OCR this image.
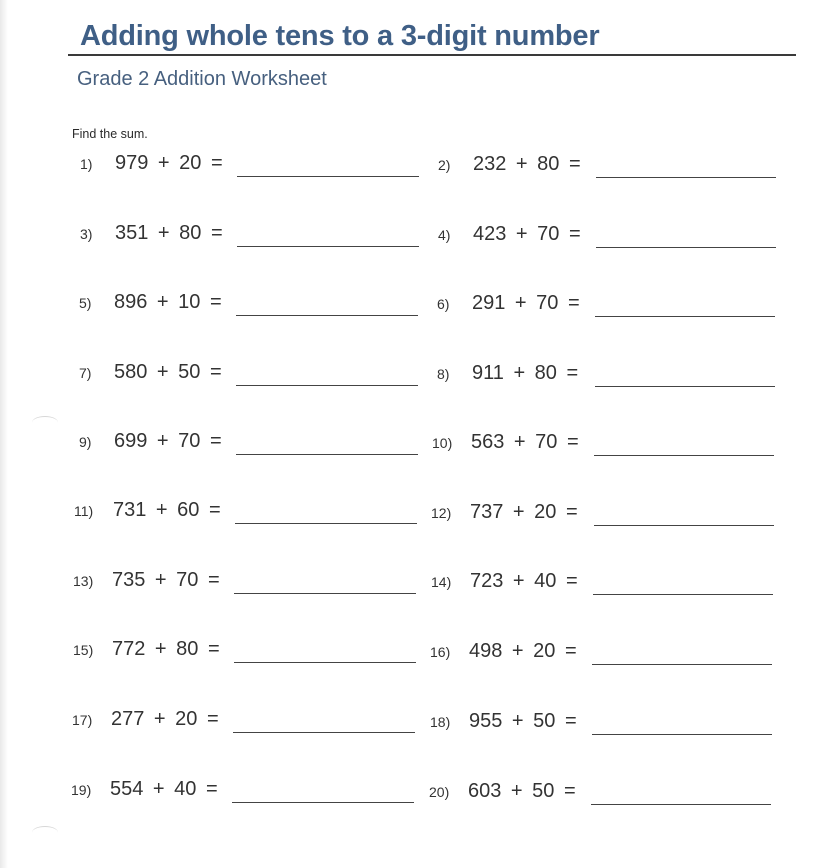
Adding whole tens to a 3-digit number
Grade 2 Addition Worksheet
Find the sum.
1) 979 + 20 =	2) 232 + 80 =
3) 351 + 80 =	4) 423 + 70 =
5) 896 + 10 =	6) 291 + 70 =
7) 580 + 50 =	8) 911 + 80 =
9) 699 + 70 =	10) 563 + 70 =
11) 731 + 60 =	12) 737 + 20 =
13) 735 + 70 =	14) 723 + 40 =
15) 772 + 80 =	16) 498 + 20 =
17) 277 + 20 =	18) 955 + 50 =
19) 554 + 40 =	20) 603 + 50 =
